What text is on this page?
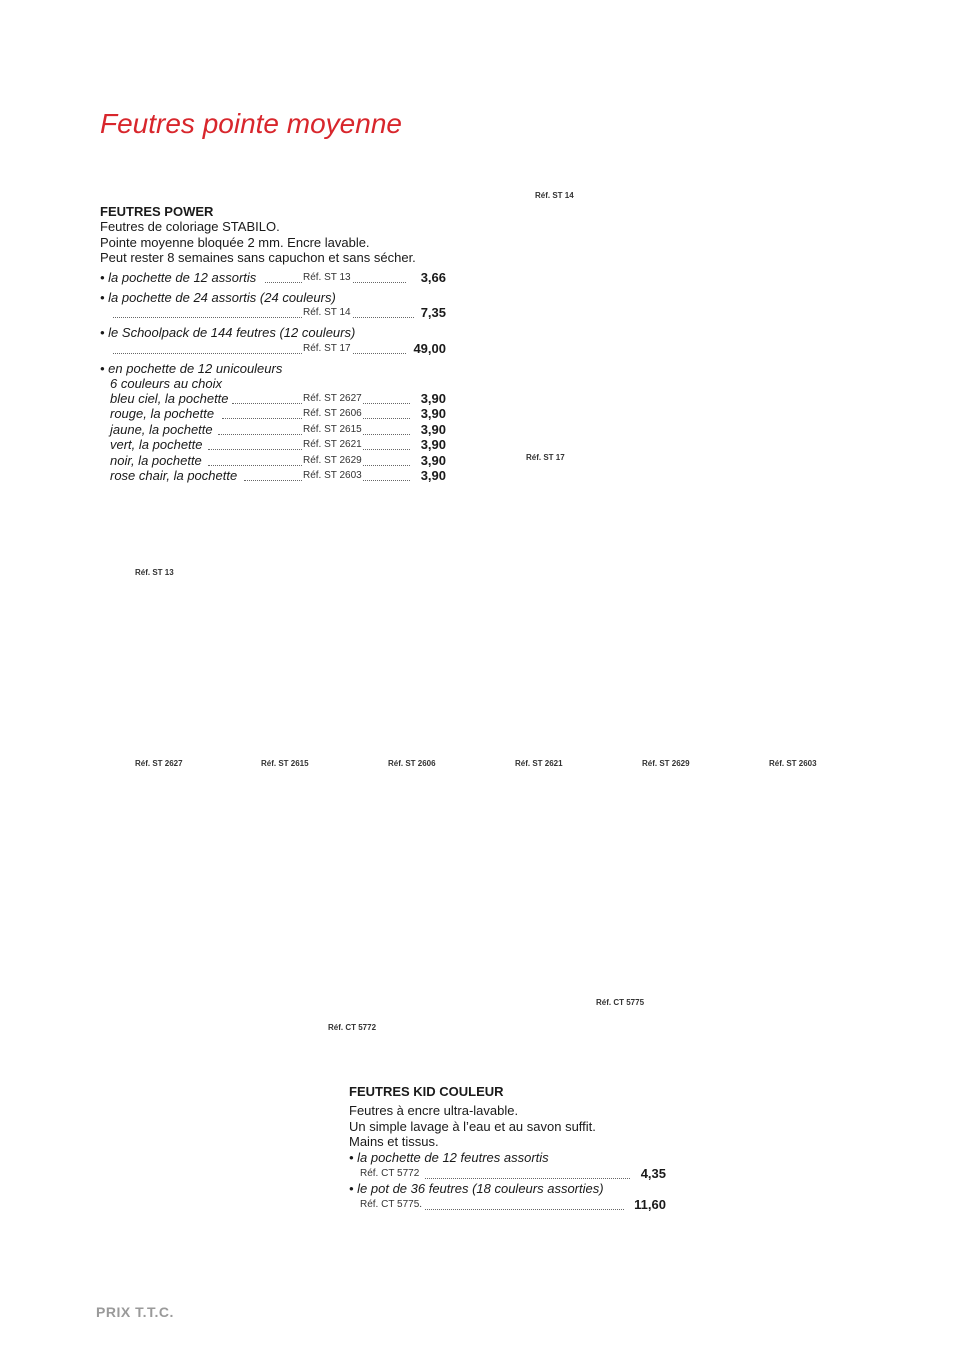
Feutres pointe moyenne
FEUTRES POWER
Feutres de coloriage STABILO.
Pointe moyenne bloquée 2 mm. Encre lavable.
Peut rester 8 semaines sans capuchon et sans sécher.
• la pochette de 12 assortis	Réf. ST 13	3,66
• la pochette de 24 assortis (24 couleurs)
Réf. ST 14	7,35
• le Schoolpack de 144 feutres (12 couleurs)
Réf. ST 17	49,00
• en pochette de 12 unicouleurs
6 couleurs au choix
bleu ciel, la pochette	Réf. ST 2627	3,90
rouge, la pochette	Réf. ST 2606	3,90
jaune, la pochette	Réf. ST 2615	3,90
vert, la pochette	Réf. ST 2621	3,90
noir, la pochette	Réf. ST 2629	3,90
rose chair, la pochette	Réf. ST 2603	3,90
Réf. ST 14
Réf. ST 17
Réf. ST 13
Réf. ST 2627	Réf. ST 2615	Réf. ST 2606	Réf. ST 2621	Réf. ST 2629	Réf. ST 2603
Réf. CT 5775
Réf. CT 5772
FEUTRES KID COULEUR
Feutres à encre ultra-lavable.
Un simple lavage à l’eau et au savon suffit.
Mains et tissus.
• la pochette de 12 feutres assortis
Réf. CT 5772	4,35
• le pot de 36 feutres (18 couleurs assorties)
Réf. CT 5775.	11,60
PRIX T.T.C.
